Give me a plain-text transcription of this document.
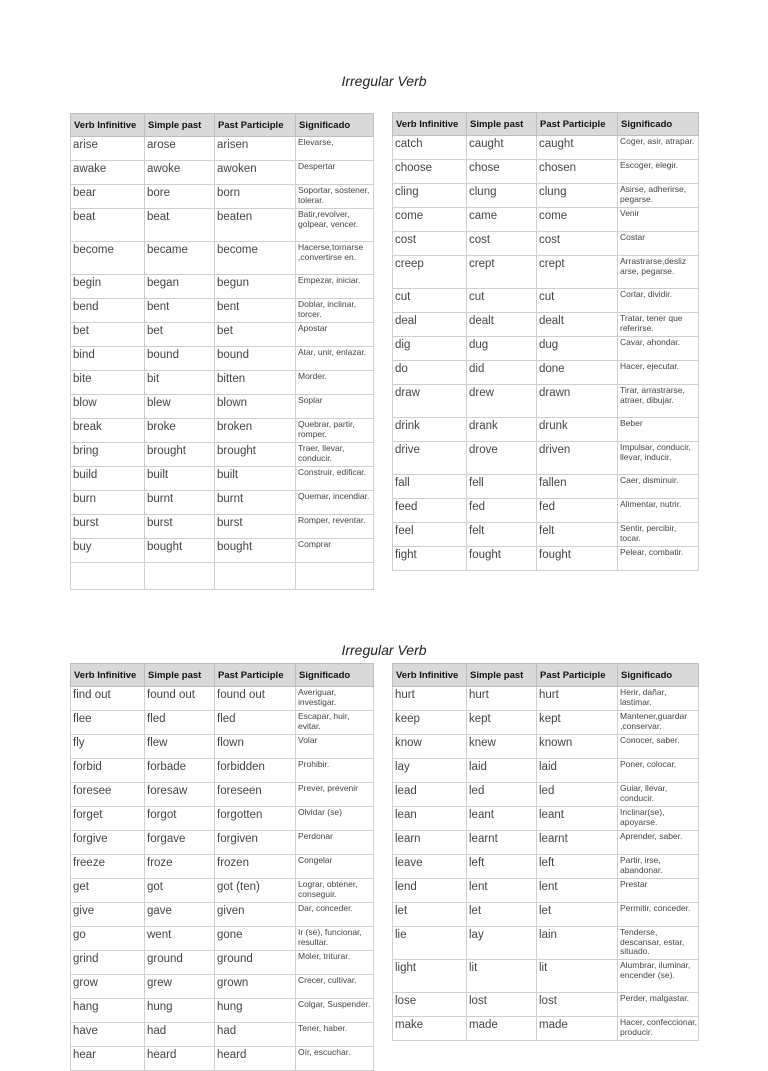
Irregular Verb
Verb Infinitive	Simple past	Past Participle	Significado
arise	arose	arisen	Elevarse,
awake	awoke	awoken	Despertar
bear	bore	born	Soportar, sostener, tolerar.
beat	beat	beaten	Batir,revolver, golpear, vencer.
become	became	become	Hacerse,tornarse ,convertirse en.
begin	began	begun	Empezar, iniciar.
bend	bent	bent	Doblar, inclinar, torcer.
bet	bet	bet	Apostar
bind	bound	bound	Atar, unir, enlazar.
bite	bit	bitten	Morder.
blow	blew	blown	Soplar
break	broke	broken	Quebrar, partir, romper.
bring	brought	brought	Traer, llevar, conducir.
build	built	built	Construir, edificar.
burn	burnt	burnt	Quemar, incendiar.
burst	burst	burst	Romper, reventar.
buy	bought	bought	Comprar

Verb Infinitive	Simple past	Past Participle	Significado
catch	caught	caught	Coger, asir, atrapar.
choose	chose	chosen	Escoger, elegir.
cling	clung	clung	Asirse, adherirse, pegarse.
come	came	come	Venir
cost	cost	cost	Costar
creep	crept	crept	Arrastrarse,desliz arse, pegarse.
cut	cut	cut	Cortar, dividir.
deal	dealt	dealt	Tratar, tener que referirse.
dig	dug	dug	Cavar, ahondar.
do	did	done	Hacer, ejecutar.
draw	drew	drawn	Tirar, arrastrarse, atraer, dibujar.
drink	drank	drunk	Beber
drive	drove	driven	Impulsar, conducir, llevar, inducir.
fall	fell	fallen	Caer, disminuir.
feed	fed	fed	Alimentar, nutrir.
feel	felt	felt	Sentir, percibir, tocar.
fight	fought	fought	Pelear, combatir.
Irregular Verb
Verb Infinitive	Simple past	Past Participle	Significado
find out	found out	found out	Averiguar, investigar.
flee	fled	fled	Escapar, huir, evitar.
fly	flew	flown	Volar
forbid	forbade	forbidden	Prohibir.
foresee	foresaw	foreseen	Prever, prevenir
forget	forgot	forgotten	Olvidar (se)
forgive	forgave	forgiven	Perdonar
freeze	froze	frozen	Congelar
get	got	got (ten)	Lograr, obtener, conseguir.
give	gave	given	Dar, conceder.
go	went	gone	Ir (se), funcionar, resultar.
grind	ground	ground	Moler, triturar.
grow	grew	grown	Crecer, cultivar.
hang	hung	hung	Colgar, Suspender.
have	had	had	Tener, haber.
hear	heard	heard	Oír, escuchar.
Verb Infinitive	Simple past	Past Participle	Significado
hurt	hurt	hurt	Herir, dañar, lastimar.
keep	kept	kept	Mantener,guardar ,conservar.
know	knew	known	Conocer, saber.
lay	laid	laid	Poner, colocar.
lead	led	led	Guiar, llevar, conducir.
lean	leant	leant	Inclinar(se), apoyarse.
learn	learnt	learnt	Aprender, saber.
leave	left	left	Partir, irse, abandonar.
lend	lent	lent	Prestar
let	let	let	Permitir, conceder.
lie	lay	lain	Tenderse, descansar, estar, situado.
light	lit	lit	Alumbrar, iluminar, encender (se).
lose	lost	lost	Perder, malgastar.
make	made	made	Hacer, confeccionar, producir.
